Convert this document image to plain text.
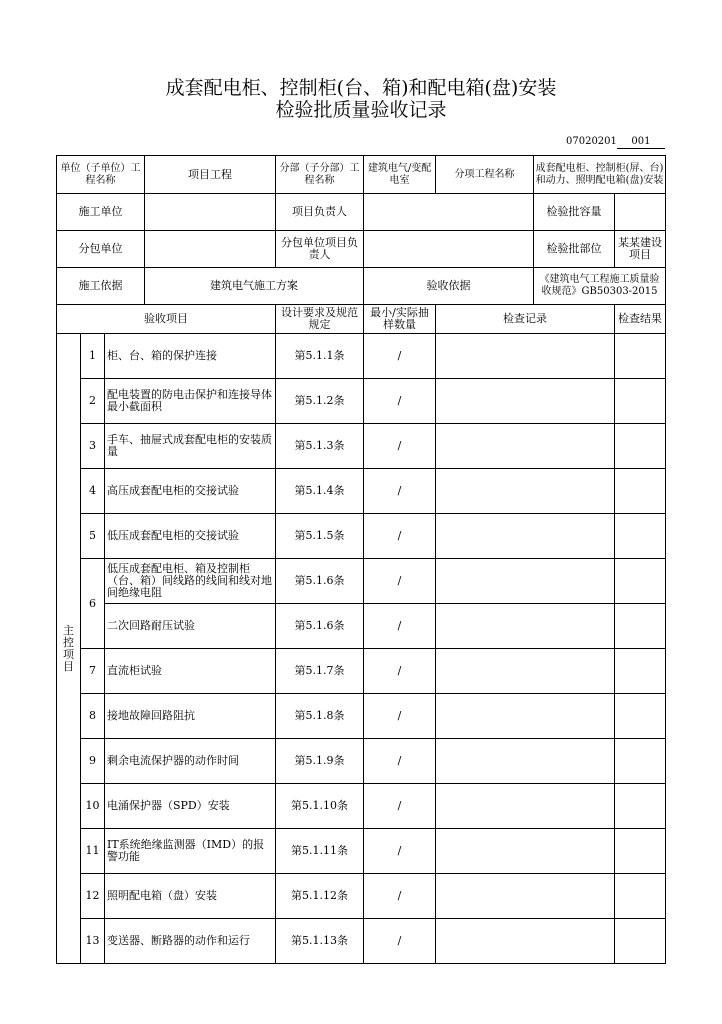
成套配电柜、控制柜(台、箱)和配电箱(盘)安装
检验批质量验收记录
07020201 001
单位（子单位）工程名称			项目工程	分部（子分部）工程名称	建筑电气/变配电室	分项工程名称	成套配电柜、控制柜(屏、台)和动力、照明配电箱(盘)安装	
施工单位				项目负责人			检验批容量	
分包单位				分包单位项目负责人			检验批部位	某某建设项目
施工依据			建筑电气施工方案		验收依据		《建筑电气工程施工质量验收规范》GB50303-2015	
验收项目				设计要求及规范规定	最小/实际抽样数量	检查记录		检查结果
主控项目	1	柜、台、箱的保护连接		第5.1.1条	/			
	2	配电装置的防电击保护和连接导体最小截面积		第5.1.2条	/			
	3	手车、抽屉式成套配电柜的安装质量		第5.1.3条	/			
	4	高压成套配电柜的交接试验		第5.1.4条	/			
	5	低压成套配电柜的交接试验		第5.1.5条	/			
	6	低压成套配电柜、箱及控制柜（台、箱）间线路的线间和线对地间绝缘电阻		第5.1.6条	/			
		二次回路耐压试验		第5.1.6条	/			
	7	直流柜试验		第5.1.7条	/			
	8	接地故障回路阻抗		第5.1.8条	/			
	9	剩余电流保护器的动作时间		第5.1.9条	/			
	10	电涌保护器（SPD）安装		第5.1.10条	/			
	11	IT系统绝缘监测器（IMD）的报警功能		第5.1.11条	/			
	12	照明配电箱（盘）安装		第5.1.12条	/			
	13	变送器、断路器的动作和运行		第5.1.13条	/			
